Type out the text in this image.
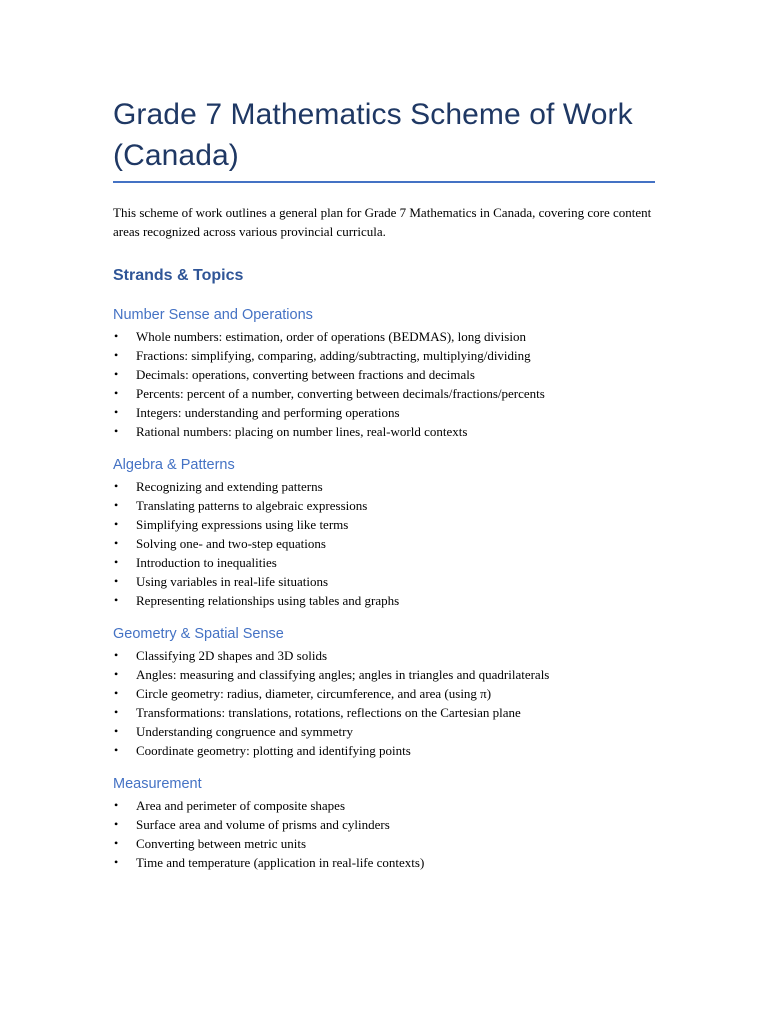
Grade 7 Mathematics Scheme of Work (Canada)

This scheme of work outlines a general plan for Grade 7 Mathematics in Canada, covering core content areas recognized across various provincial curricula.

Strands & Topics
Number Sense and Operations
• Whole numbers: estimation, order of operations (BEDMAS), long division
• Fractions: simplifying, comparing, adding/subtracting, multiplying/dividing
• Decimals: operations, converting between fractions and decimals
• Percents: percent of a number, converting between decimals/fractions/percents
• Integers: understanding and performing operations
• Rational numbers: placing on number lines, real-world contexts
Algebra & Patterns
• Recognizing and extending patterns
• Translating patterns to algebraic expressions
• Simplifying expressions using like terms
• Solving one- and two-step equations
• Introduction to inequalities
• Using variables in real-life situations
• Representing relationships using tables and graphs
Geometry & Spatial Sense
• Classifying 2D shapes and 3D solids
• Angles: measuring and classifying angles; angles in triangles and quadrilaterals
• Circle geometry: radius, diameter, circumference, and area (using π)
• Transformations: translations, rotations, reflections on the Cartesian plane
• Understanding congruence and symmetry
• Coordinate geometry: plotting and identifying points
Measurement
• Area and perimeter of composite shapes
• Surface area and volume of prisms and cylinders
• Converting between metric units
• Time and temperature (application in real-life contexts)
